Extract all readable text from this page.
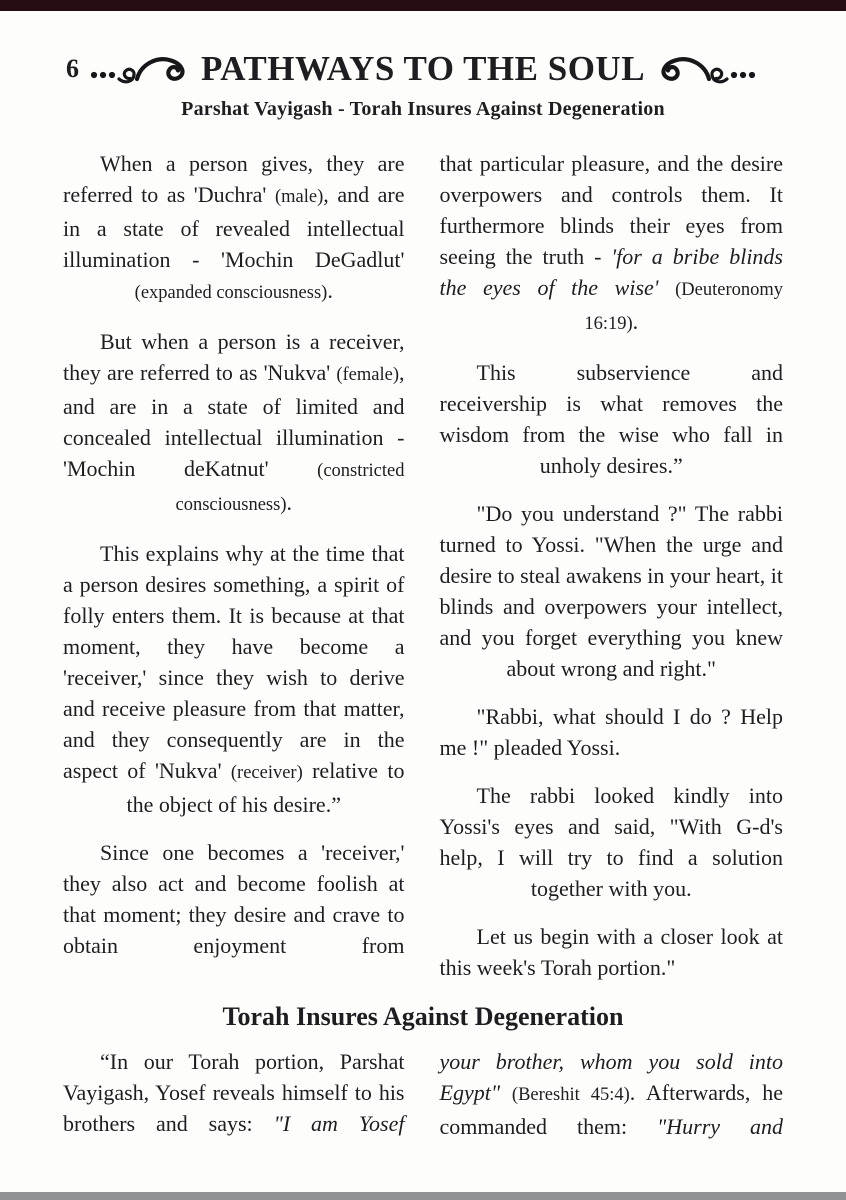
6	PATHWAYS TO THE SOUL
Parshat Vayigash - Torah Insures Against Degeneration

When a person gives, they are referred to as 'Duchra' (male), and are in a state of revealed intellectual illumination - 'Mochin DeGadlut' (expanded consciousness).

But when a person is a receiver, they are referred to as 'Nukva' (female), and are in a state of limited and concealed intellectual illumination - 'Mochin deKatnut' (constricted consciousness).

This explains why at the time that a person desires something, a spirit of folly enters them. It is because at that moment, they have become a 'receiver,' since they wish to derive and receive pleasure from that matter, and they consequently are in the aspect of 'Nukva' (receiver) relative to the object of his desire.”

Since one becomes a 'receiver,' they also act and become foolish at that moment; they desire and crave to obtain enjoyment from

that particular pleasure, and the desire overpowers and controls them. It furthermore blinds their eyes from seeing the truth - 'for a bribe blinds the eyes of the wise' (Deuteronomy 16:19).

This subservience and receivership is what removes the wisdom from the wise who fall in unholy desires.”

"Do you understand ?" The rabbi turned to Yossi. "When the urge and desire to steal awakens in your heart, it blinds and overpowers your intellect, and you forget everything you knew about wrong and right."

"Rabbi, what should I do ? Help me !" pleaded Yossi.

The rabbi looked kindly into Yossi's eyes and said, "With G-d's help, I will try to find a solution together with you.

Let us begin with a closer look at this week's Torah portion."

Torah Insures Against Degeneration

“In our Torah portion, Parshat Vayigash, Yosef reveals himself to his brothers and says: "I am Yosef

your brother, whom you sold into Egypt" (Bereshit 45:4). Afterwards, he commanded them: "Hurry and
